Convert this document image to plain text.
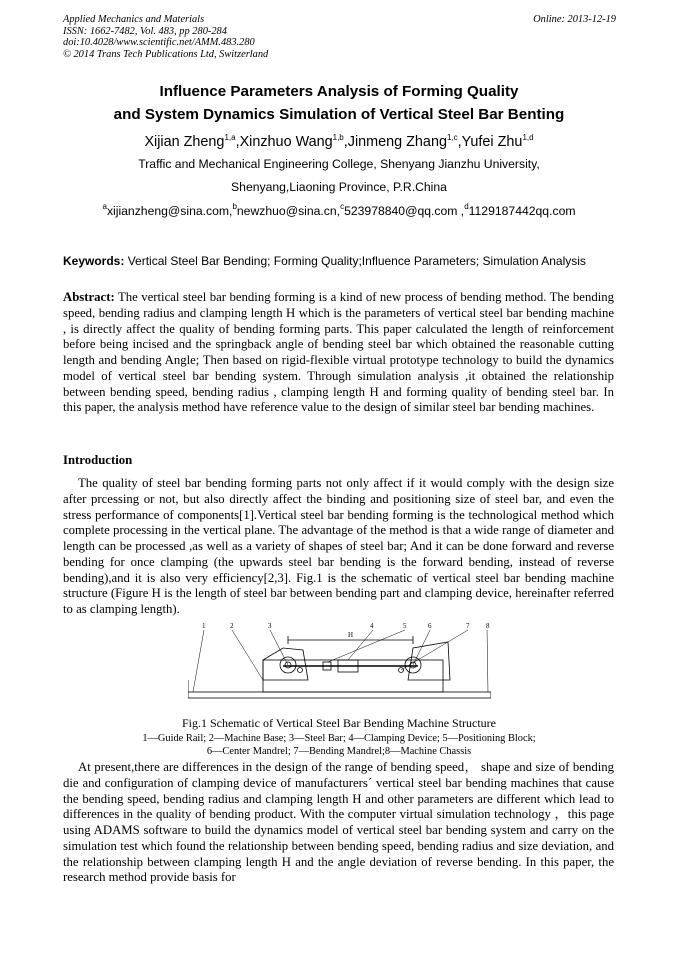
Applied Mechanics and Materials
ISSN: 1662-7482, Vol. 483, pp 280-284
doi:10.4028/www.scientific.net/AMM.483.280
© 2014 Trans Tech Publications Ltd, Switzerland
Online: 2013-12-19
Influence Parameters Analysis of Forming Quality
and System Dynamics Simulation of Vertical Steel Bar Benting
Xijian Zheng$^{1,a}$,Xinzhuo Wang$^{1,b}$,Jinmeng Zhang$^{1,c}$,Yufei Zhu$^{1,d}$
Traffic and Mechanical Engineering College, Shenyang Jianzhu University,
Shenyang,Liaoning Province, P.R.China
$^a$xijianzheng@sina.com,$^b$newzhuo@sina.cn,$^c$523978840@qq.com ,$^d$1129187442qq.com
Keywords: Vertical Steel Bar Bending; Forming Quality;Influence Parameters; Simulation Analysis
Abstract: The vertical steel bar bending forming is a kind of new process of bending method. The bending speed, bending radius and clamping length H which is the parameters of vertical steel bar bending machine , is directly affect the quality of bending forming parts. This paper calculated the length of reinforcement before being incised and the springback angle of bending steel bar which obtained the reasonable cutting length and bending Angle; Then based on rigid-flexible virtual prototype technology to build the dynamics model of vertical steel bar bending system. Through simulation analysis ,it obtained the relationship between bending speed, bending radius , clamping length H and forming quality of bending steel bar. In this paper, the analysis method have reference value to the design of similar steel bar bending machines.
Introduction
The quality of steel bar bending forming parts not only affect if it would comply with the design size after prcessing or not, but also directly affect the binding and positioning size of steel bar, and even the stress performance of components[1].Vertical steel bar bending forming is the technological method which complete processing in the vertical plane. The advantage of the method is that a wide range of diameter and length can be processed ,as well as a variety of shapes of steel bar; And it can be done forward and reverse bending for once clamping (the upwards steel bar bending is the forward bending, instead of reverse bending),and it is also very efficiency[2,3]. Fig.1 is the schematic of vertical steel bar bending machine structure (Figure H is the length of steel bar between bending part and clamping device, hereinafter referred to as clamping length).
1	2	3
H
4	5	6	7 8
Fig.1 Schematic of Vertical Steel Bar Bending Machine Structure
1—Guide Rail; 2—Machine Base; 3—Steel Bar; 4—Clamping Device; 5—Positioning Block;
6—Center Mandrel; 7—Bending Mandrel;8—Machine Chassis
At present,there are differences in the design of the range of bending speed， shape and size of bending die and configuration of clamping device of manufacturers´ vertical steel bar bending machines that cause the bending speed, bending radius and clamping length H and other parameters are different which lead to differences in the quality of bending product. With the computer virtual simulation technology ，this page using ADAMS software to build the dynamics model of vertical steel bar bending system and carry on the simulation test which found the relationship between bending speed, bending radius and size deviation, and the relationship between clamping length H and the angle deviation of reverse bending. In this paper, the research method provide basis for
